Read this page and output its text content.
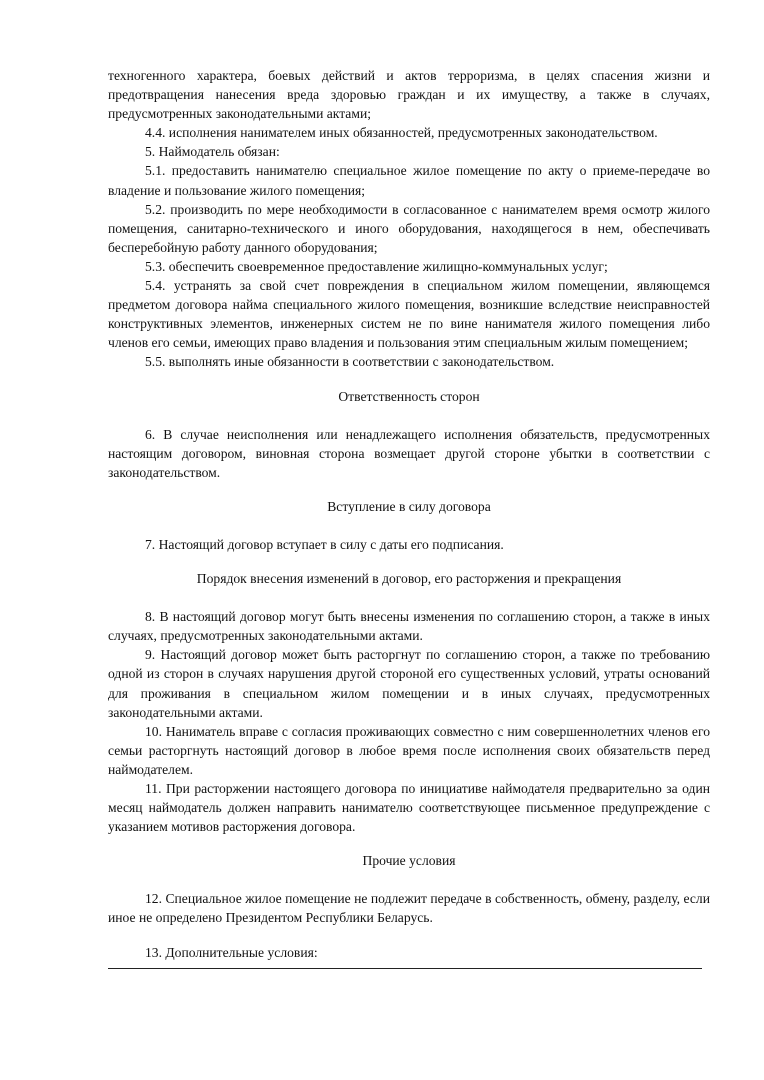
техногенного характера, боевых действий и актов терроризма, в целях спасения жизни и предотвращения нанесения вреда здоровью граждан и их имуществу, а также в случаях, предусмотренных законодательными актами;

4.4. исполнения нанимателем иных обязанностей, предусмотренных законодательством.

5. Наймодатель обязан:

5.1. предоставить нанимателю специальное жилое помещение по акту о приеме-передаче во владение и пользование жилого помещения;

5.2. производить по мере необходимости в согласованное с нанимателем время осмотр жилого помещения, санитарно-технического и иного оборудования, находящегося в нем, обеспечивать бесперебойную работу данного оборудования;

5.3. обеспечить своевременное предоставление жилищно-коммунальных услуг;

5.4. устранять за свой счет повреждения в специальном жилом помещении, являющемся предметом договора найма специального жилого помещения, возникшие вследствие неисправностей конструктивных элементов, инженерных систем не по вине нанимателя жилого помещения либо членов его семьи, имеющих право владения и пользования этим специальным жилым помещением;

5.5. выполнять иные обязанности в соответствии с законодательством.

Ответственность сторон

6. В случае неисполнения или ненадлежащего исполнения обязательств, предусмотренных настоящим договором, виновная сторона возмещает другой стороне убытки в соответствии с законодательством.

Вступление в силу договора

7. Настоящий договор вступает в силу с даты его подписания.

Порядок внесения изменений в договор, его расторжения и прекращения

8. В настоящий договор могут быть внесены изменения по соглашению сторон, а также в иных случаях, предусмотренных законодательными актами.

9. Настоящий договор может быть расторгнут по соглашению сторон, а также по требованию одной из сторон в случаях нарушения другой стороной его существенных условий, утраты оснований для проживания в специальном жилом помещении и в иных случаях, предусмотренных законодательными актами.

10. Наниматель вправе с согласия проживающих совместно с ним совершеннолетних членов его семьи расторгнуть настоящий договор в любое время после исполнения своих обязательств перед наймодателем.

11. При расторжении настоящего договора по инициативе наймодателя предварительно за один месяц наймодатель должен направить нанимателю соответствующее письменное предупреждение с указанием мотивов расторжения договора.

Прочие условия

12. Специальное жилое помещение не подлежит передаче в собственность, обмену, разделу, если иное не определено Президентом Республики Беларусь.

13. Дополнительные условия:
